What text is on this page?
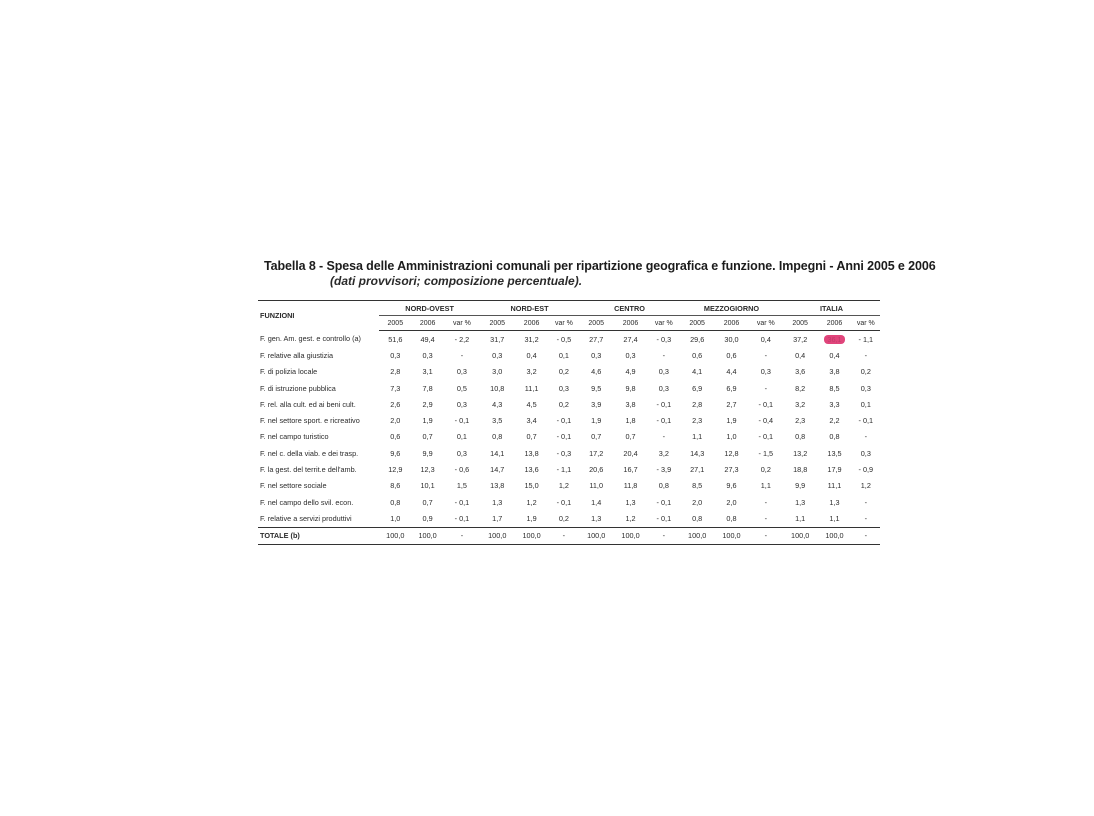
Tabella 8 - Spesa delle Amministrazioni comunali per ripartizione geografica e funzione. Impegni - Anni 2005 e 2006
(dati provvisori; composizione percentuale).
FUNZIONI	NORD-OVEST			NORD-EST			CENTRO			MEZZOGIORNO			ITALIA		
	2005	2006	var %	2005	2006	var %	2005	2006	var %	2005	2006	var %	2005	2006	var %
F. gen. Am. gest. e controllo (a)	51,6	49,4	- 2,2	31,7	31,2	- 0,5	27,7	27,4	- 0,3	29,6	30,0	0,4	37,2	36,1	- 1,1
F. relative alla giustizia	0,3	0,3	-	0,3	0,4	0,1	0,3	0,3	-	0,6	0,6	-	0,4	0,4	-
F. di polizia locale	2,8	3,1	0,3	3,0	3,2	0,2	4,6	4,9	0,3	4,1	4,4	0,3	3,6	3,8	0,2
F. di istruzione pubblica	7,3	7,8	0,5	10,8	11,1	0,3	9,5	9,8	0,3	6,9	6,9	-	8,2	8,5	0,3
F. rel. alla cult. ed ai beni cult.	2,6	2,9	0,3	4,3	4,5	0,2	3,9	3,8	- 0,1	2,8	2,7	- 0,1	3,2	3,3	0,1
F. nel settore sport. e ricreativo	2,0	1,9	- 0,1	3,5	3,4	- 0,1	1,9	1,8	- 0,1	2,3	1,9	- 0,4	2,3	2,2	- 0,1
F. nel campo turistico	0,6	0,7	0,1	0,8	0,7	- 0,1	0,7	0,7	-	1,1	1,0	- 0,1	0,8	0,8	-
F. nel c. della viab. e dei trasp.	9,6	9,9	0,3	14,1	13,8	- 0,3	17,2	20,4	3,2	14,3	12,8	- 1,5	13,2	13,5	0,3
F. la gest. del territ.e dell'amb.	12,9	12,3	- 0,6	14,7	13,6	- 1,1	20,6	16,7	- 3,9	27,1	27,3	0,2	18,8	17,9	- 0,9
F. nel settore sociale	8,6	10,1	1,5	13,8	15,0	1,2	11,0	11,8	0,8	8,5	9,6	1,1	9,9	11,1	1,2
F. nel campo dello svil. econ.	0,8	0,7	- 0,1	1,3	1,2	- 0,1	1,4	1,3	- 0,1	2,0	2,0	-	1,3	1,3	-
F. relative a servizi produttivi	1,0	0,9	- 0,1	1,7	1,9	0,2	1,3	1,2	- 0,1	0,8	0,8	-	1,1	1,1	-
TOTALE (b)	100,0	100,0	-	100,0	100,0	-	100,0	100,0	-	100,0	100,0	-	100,0	100,0	-
